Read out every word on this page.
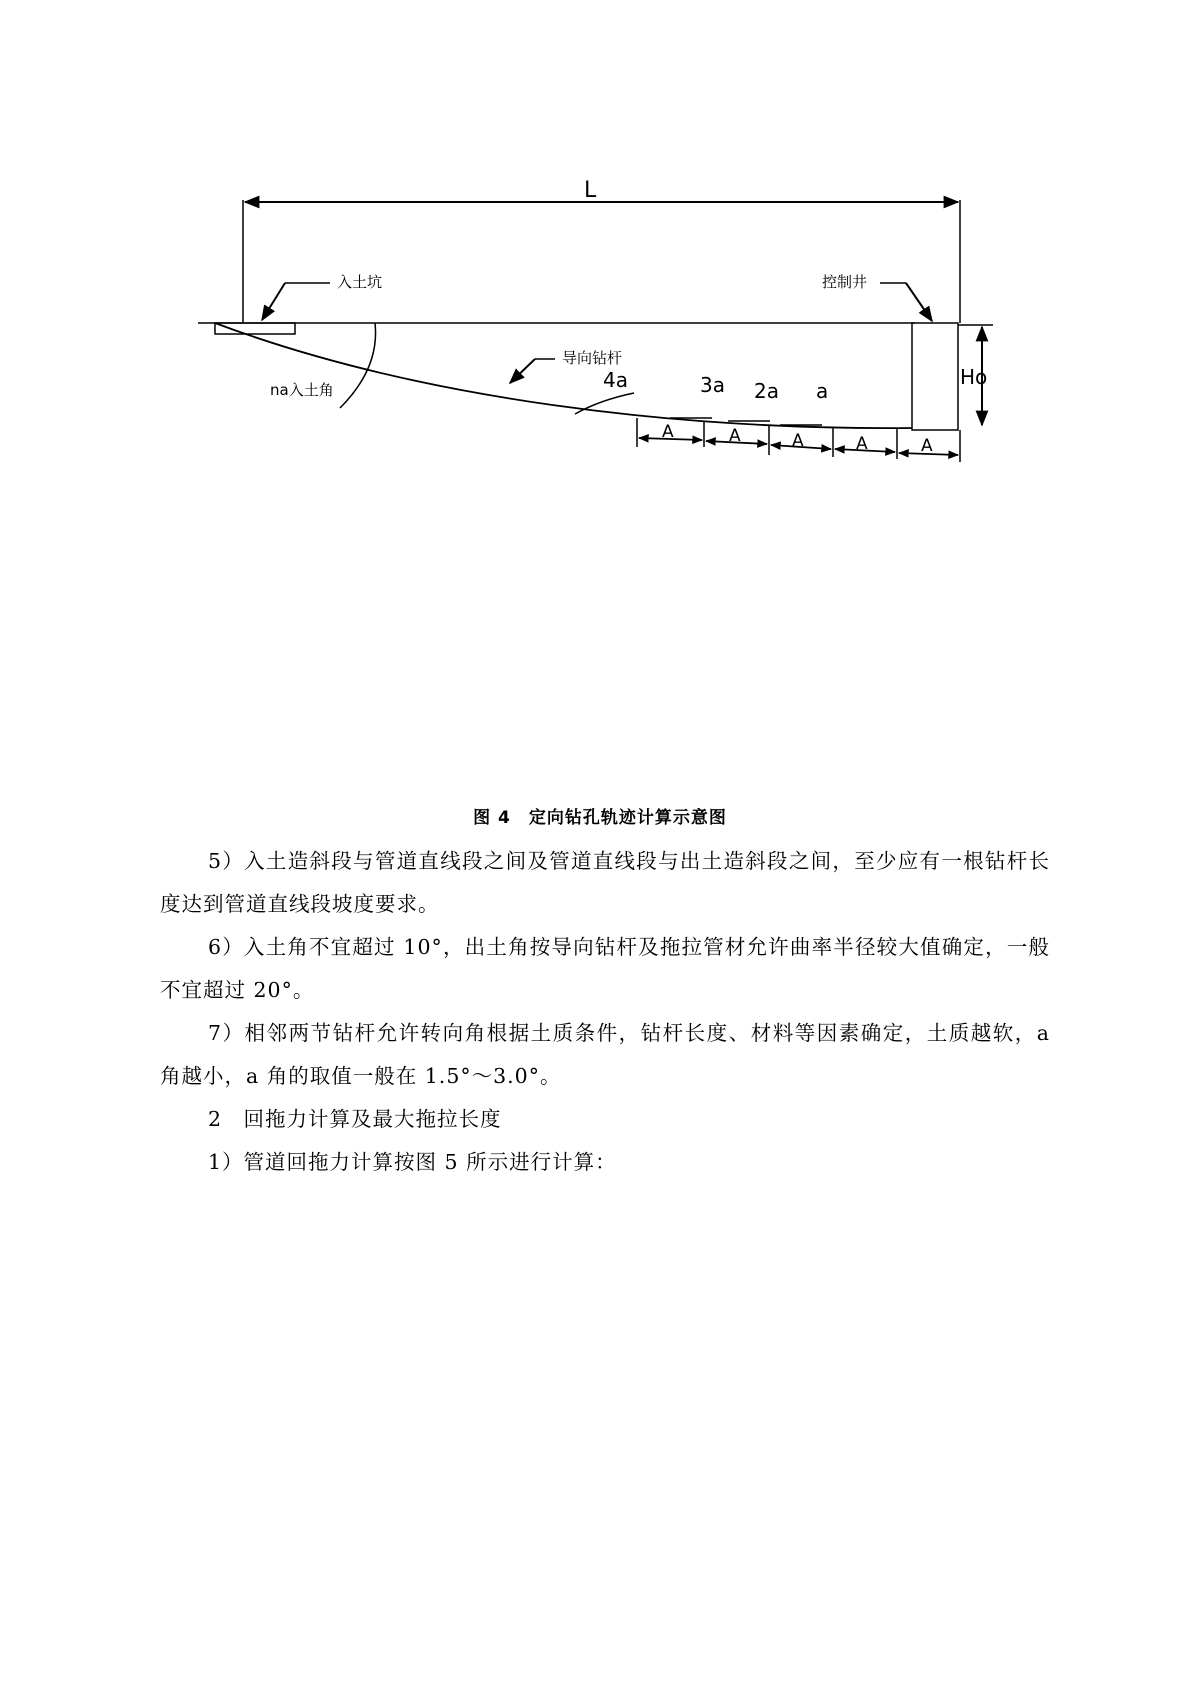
L
入土坑	控制井
Ho
na入土角
导向钻杆
4a	3a 2a a
A	A	A	A	A
图 4　定向钻孔轨迹计算示意图

5）入土造斜段与管道直线段之间及管道直线段与出土造斜段之间，至少应有一根钻杆长度达到管道直线段坡度要求。

6）入土角不宜超过 10°，出土角按导向钻杆及拖拉管材允许曲率半径较大值确定，一般不宜超过 20°。

7）相邻两节钻杆允许转向角根据土质条件，钻杆长度、材料等因素确定，土质越软，a 角越小，a 角的取值一般在 1.5°～3.0°。

2　回拖力计算及最大拖拉长度

1）管道回拖力计算按图 5 所示进行计算：
